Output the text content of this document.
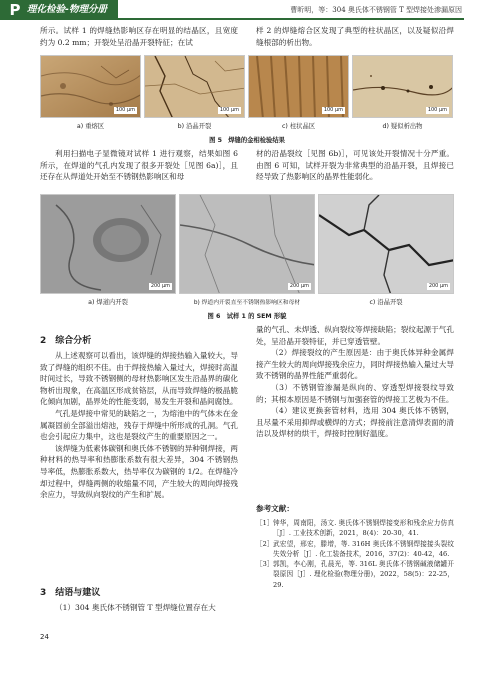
P 理化检验-物理分册	曹昕明，等：304 奥氏体不锈钢管 T 型焊接处渗漏原因
所示。试样 1 的焊缝热影响区存在明显的结晶区，且宽度约为 0.2 mm；开裂处呈沿晶开裂特征；在试
样 2 的焊缝熔合区发现了典型的柱状晶区，以及疑似沿焊缝根部的析出物。
100 μm	100 μm	100 μm	100 μm
a) 重熔区	b) 沿晶开裂	c) 柱状晶区	d) 疑似析出物
图 5　焊缝的金相检验结果
利用扫描电子显微镜对试样 1 进行观察，结果如图 6 所示，在焊道的气孔内发现了很多开裂处［见图 6a)］，且还存在从焊道处开始至不锈钢热影响区和母
材的沿晶裂纹［见图 6b)］，可见该处开裂情况十分严重。由图 6 可知，试样开裂为非常典型的沿晶开裂，且焊接已经导致了热影响区的晶界性能弱化。
200 μm	200 μm	200 μm
a) 焊道内开裂	b) 焊道内开裂直至不锈钢热影响区和母材	c) 沿晶开裂
图 6　试样 1 的 SEM 形貌
2　综合分析

从上述观察可以看出，该焊缝的焊接热输入量较大，导致了焊缝的组织不佳。由于焊接热输入量过大，焊接时高温时间过长，导致不锈钢侧的母材热影响区发生沿晶界的碳化物析出现象，在高温区形成贫铬层，从而导致焊缝的极晶脆化倾向加剧，晶界处的性能变弱，易发生开裂和晶间腐蚀。

气孔是焊接中常见的缺陷之一，为熔池中的气体未在金属凝固前全部溢出熔池，残存于焊缝中所形成的孔洞。气孔也会引起应力集中，这也是裂纹产生的重要原因之一。

该焊缝为低素体碳钢和奥氏体不锈钢的异种钢焊接，两种材料的热导率和热膨胀系数有很大差异，304 不锈钢热导率低，热膨胀系数大，热导率仅为碳钢的 1/2。在焊缝冷却过程中，焊缝两侧的收缩量不同，产生较大的周向焊接残余应力，导致纵向裂纹的产生和扩展。

3　结语与建议
（1）304 奥氏体不锈钢管 T 型焊缝位置存在大
24

量的气孔、未焊透、纵向裂纹等焊接缺陷；裂纹起源于气孔处，呈沿晶开裂特征，并已穿透管壁。

（2）焊接裂纹的产生原因是：由于奥氏体异种金属焊接产生较大的周向焊接残余应力，同时焊接热输入量过大导致不锈钢的晶界性能严重弱化。

（3）不锈钢管渗漏是纵向的、穿透型焊接裂纹导致的；其根本原因是不锈钢与加强套管的焊接工艺极为不佳。

（4）建议更换套管材料，选用 304 奥氏体不锈钢，且尽量不采用抑焊或横焊的方式；焊接前注意清焊表面的清洁以及焊材的烘干，焊接时控制好温度。

参考文献：
［1］ 钟华，周南阳，汤文. 奥氏体不锈钢焊接变形和残余应力仿真［J］. 工业技术创新，2021，8(4)：20-30，41.
［2］ 武宏望，邢宏，滕增，等. 316H 奥氏体不锈钢焊接接头裂纹失效分析［J］. 化工装备技术，2016，37(2)：40-42，46.
［3］ 郭凯，李心刚，孔晨光，等. 316L 奥氏体不锈钢碱液储罐开裂原因［J］. 理化检验(物理分册)，2022，58(5)：22-25，29.
